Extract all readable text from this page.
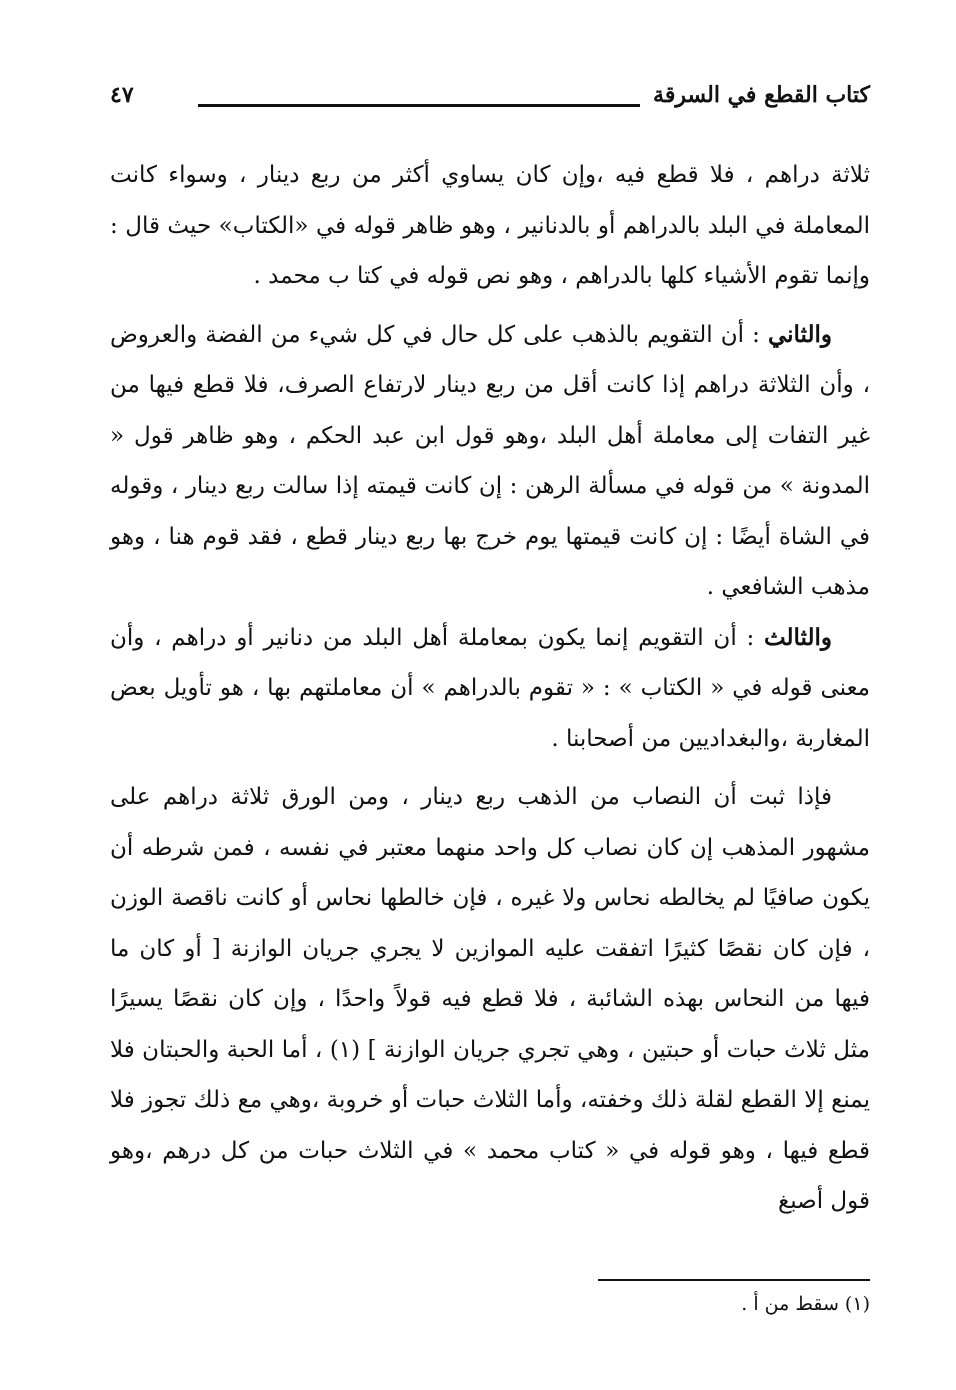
كتاب القطع في السرقة
٤٧

ثلاثة دراهم ، فلا قطع فيه ،وإن كان يساوي أكثر من ربع دينار ، وسواء كانت المعاملة في البلد بالدراهم أو بالدنانير ، وهو ظاهر قوله في «الكتاب» حيث قال : وإنما تقوم الأشياء كلها بالدراهم ، وهو نص قوله في كتا ب محمد .

والثاني : أن التقويم بالذهب على كل حال في كل شيء من الفضة والعروض ، وأن الثلاثة دراهم إذا كانت أقل من ربع دينار لارتفاع الصرف، فلا قطع فيها من غير التفات إلى معاملة أهل البلد ،وهو قول ابن عبد الحكم ، وهو ظاهر قول « المدونة » من قوله في مسألة الرهن : إن كانت قيمته إذا سالت ربع دينار ، وقوله في الشاة أيضًا : إن كانت قيمتها يوم خرج بها ربع دينار قطع ، فقد قوم هنا ، وهو مذهب الشافعي .

والثالث : أن التقويم إنما يكون بمعاملة أهل البلد من دنانير أو دراهم ، وأن معنى قوله في « الكتاب » : « تقوم بالدراهم » أن معاملتهم بها ، هو تأويل بعض المغاربة ،والبغداديين من أصحابنا .

فإذا ثبت أن النصاب من الذهب ربع دينار ، ومن الورق ثلاثة دراهم على مشهور المذهب إن كان نصاب كل واحد منهما معتبر في نفسه ، فمن شرطه أن يكون صافيًا لم يخالطه نحاس ولا غيره ، فإن خالطها نحاس أو كانت ناقصة الوزن ، فإن كان نقصًا كثيرًا اتفقت عليه الموازين لا يجري جريان الوازنة [ أو كان ما فيها من النحاس بهذه الشائبة ، فلا قطع فيه قولاً واحدًا ، وإن كان نقصًا يسيرًا مثل ثلاث حبات أو حبتين ، وهي تجري جريان الوازنة ] (١) ، أما الحبة والحبتان فلا يمنع إلا القطع لقلة ذلك وخفته، وأما الثلاث حبات أو خروبة ،وهي مع ذلك تجوز فلا قطع فيها ، وهو قوله في « كتاب محمد » في الثلاث حبات من كل درهم ،وهو قول أصبغ

(١) سقط من أ .
